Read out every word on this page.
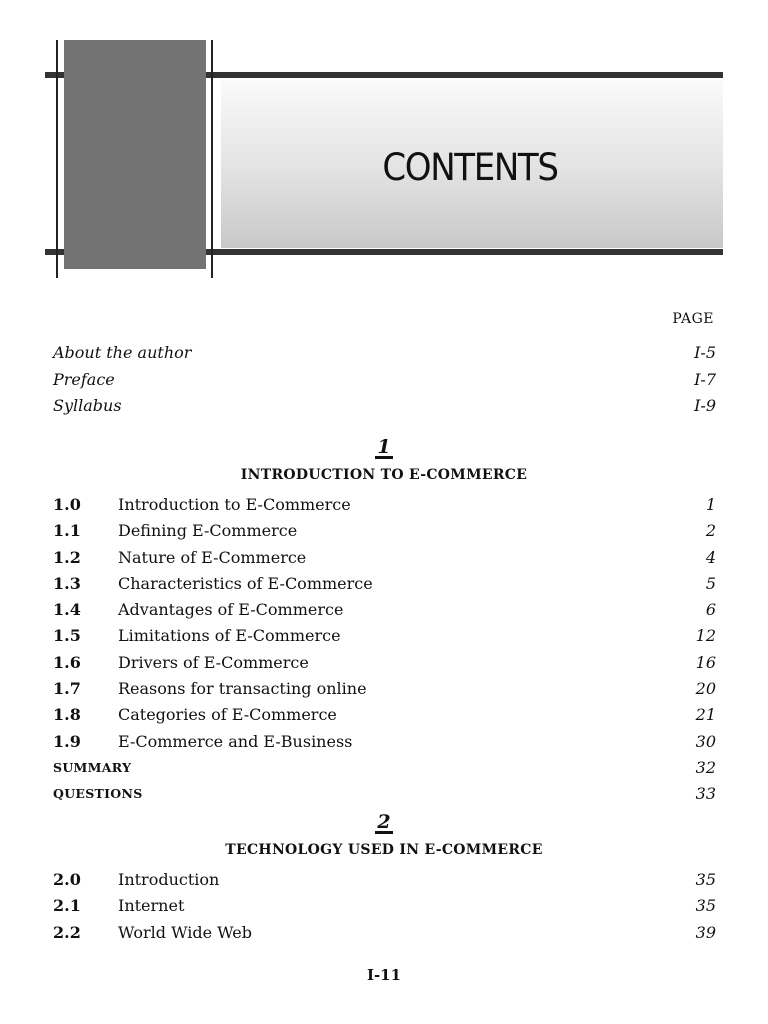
CONTENTS
PAGE
About the author	I-5
Preface	I-7
Syllabus	I-9
1
INTRODUCTION TO E-COMMERCE
1.0 Introduction to E-Commerce	1
1.1 Defining E-Commerce	2
1.2 Nature of E-Commerce	4
1.3 Characteristics of E-Commerce	5
1.4 Advantages of E-Commerce	6
1.5 Limitations of E-Commerce	12
1.6 Drivers of E-Commerce	16
1.7 Reasons for transacting online	20
1.8 Categories of E-Commerce	21
1.9 E-Commerce and E-Business	30
SUMMARY	32
QUESTIONS	33
2
TECHNOLOGY USED IN E-COMMERCE
2.0 Introduction	35
2.1 Internet	35
2.2 World Wide Web	39
I-11
